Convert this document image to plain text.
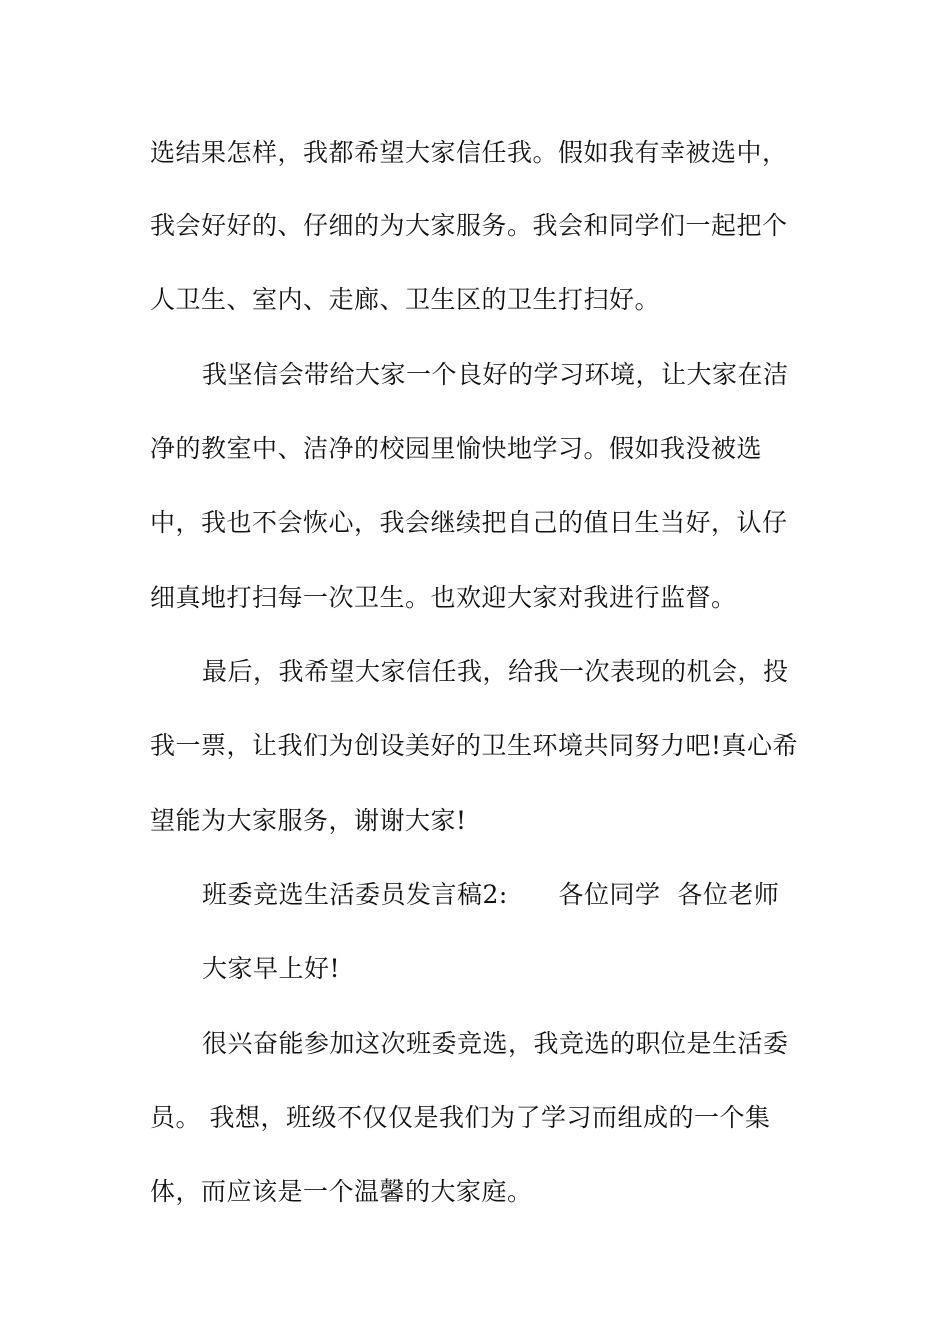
选结果怎样，我都希望大家信任我。假如我有幸被选中，
我会好好的、仔细的为大家服务。我会和同学们一起把个
人卫生、室内、走廊、卫生区的卫生打扫好。
我坚信会带给大家一个良好的学习环境，让大家在洁
净的教室中、洁净的校园里愉快地学习。假如我没被选
中，我也不会恢心，我会继续把自己的值日生当好，认仔
细真地打扫每一次卫生。也欢迎大家对我进行监督。
最后，我希望大家信任我，给我一次表现的机会，投
我一票，让我们为创设美好的卫生环境共同努力吧!真心希
望能为大家服务，谢谢大家!
班委竞选生活委员发言稿2:      各位同学  各位老师
大家早上好!
很兴奋能参加这次班委竞选，我竞选的职位是生活委
员。 我想，班级不仅仅是我们为了学习而组成的一个集
体，而应该是一个温馨的大家庭。
